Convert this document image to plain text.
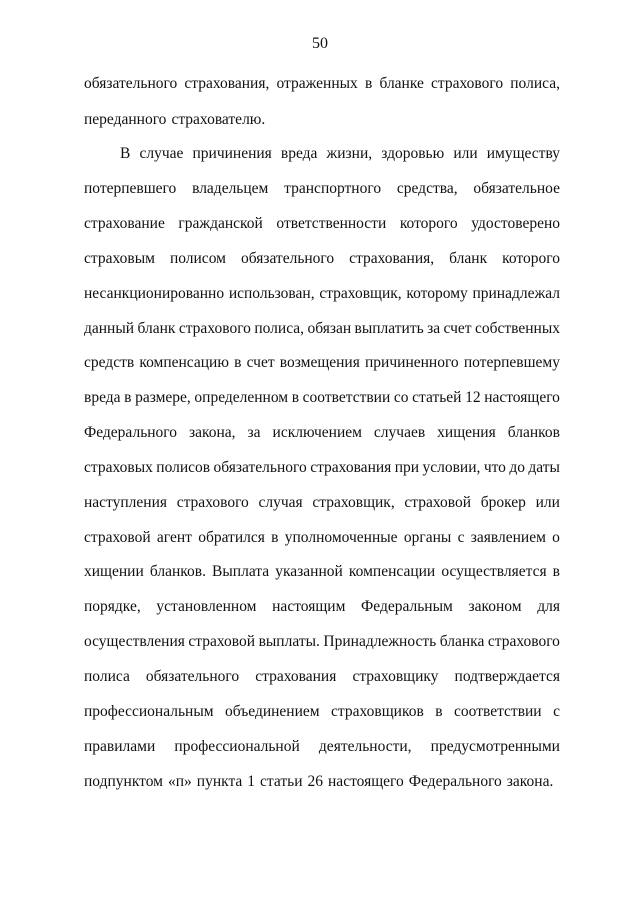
50
обязательного страхования, отраженных в бланке страхового полиса,
переданного страхователю.
В случае причинения вреда жизни, здоровью или имуществу
потерпевшего владельцем транспортного средства, обязательное
страхование гражданской ответственности которого удостоверено
страховым полисом обязательного страхования, бланк которого
несанкционированно использован, страховщик, которому принадлежал
данный бланк страхового полиса, обязан выплатить за счет собственных
средств компенсацию в счет возмещения причиненного потерпевшему
вреда в размере, определенном в соответствии со статьей 12 настоящего
Федерального закона, за исключением случаев хищения бланков
страховых полисов обязательного страхования при условии, что до даты
наступления страхового случая страховщик, страховой брокер или
страховой агент обратился в уполномоченные органы с заявлением о
хищении бланков. Выплата указанной компенсации осуществляется в
порядке, установленном настоящим Федеральным законом для
осуществления страховой выплаты. Принадлежность бланка страхового
полиса обязательного страхования страховщику подтверждается
профессиональным объединением страховщиков в соответствии с
правилами профессиональной деятельности, предусмотренными
подпунктом «п» пункта 1 статьи 26 настоящего Федерального закона.
